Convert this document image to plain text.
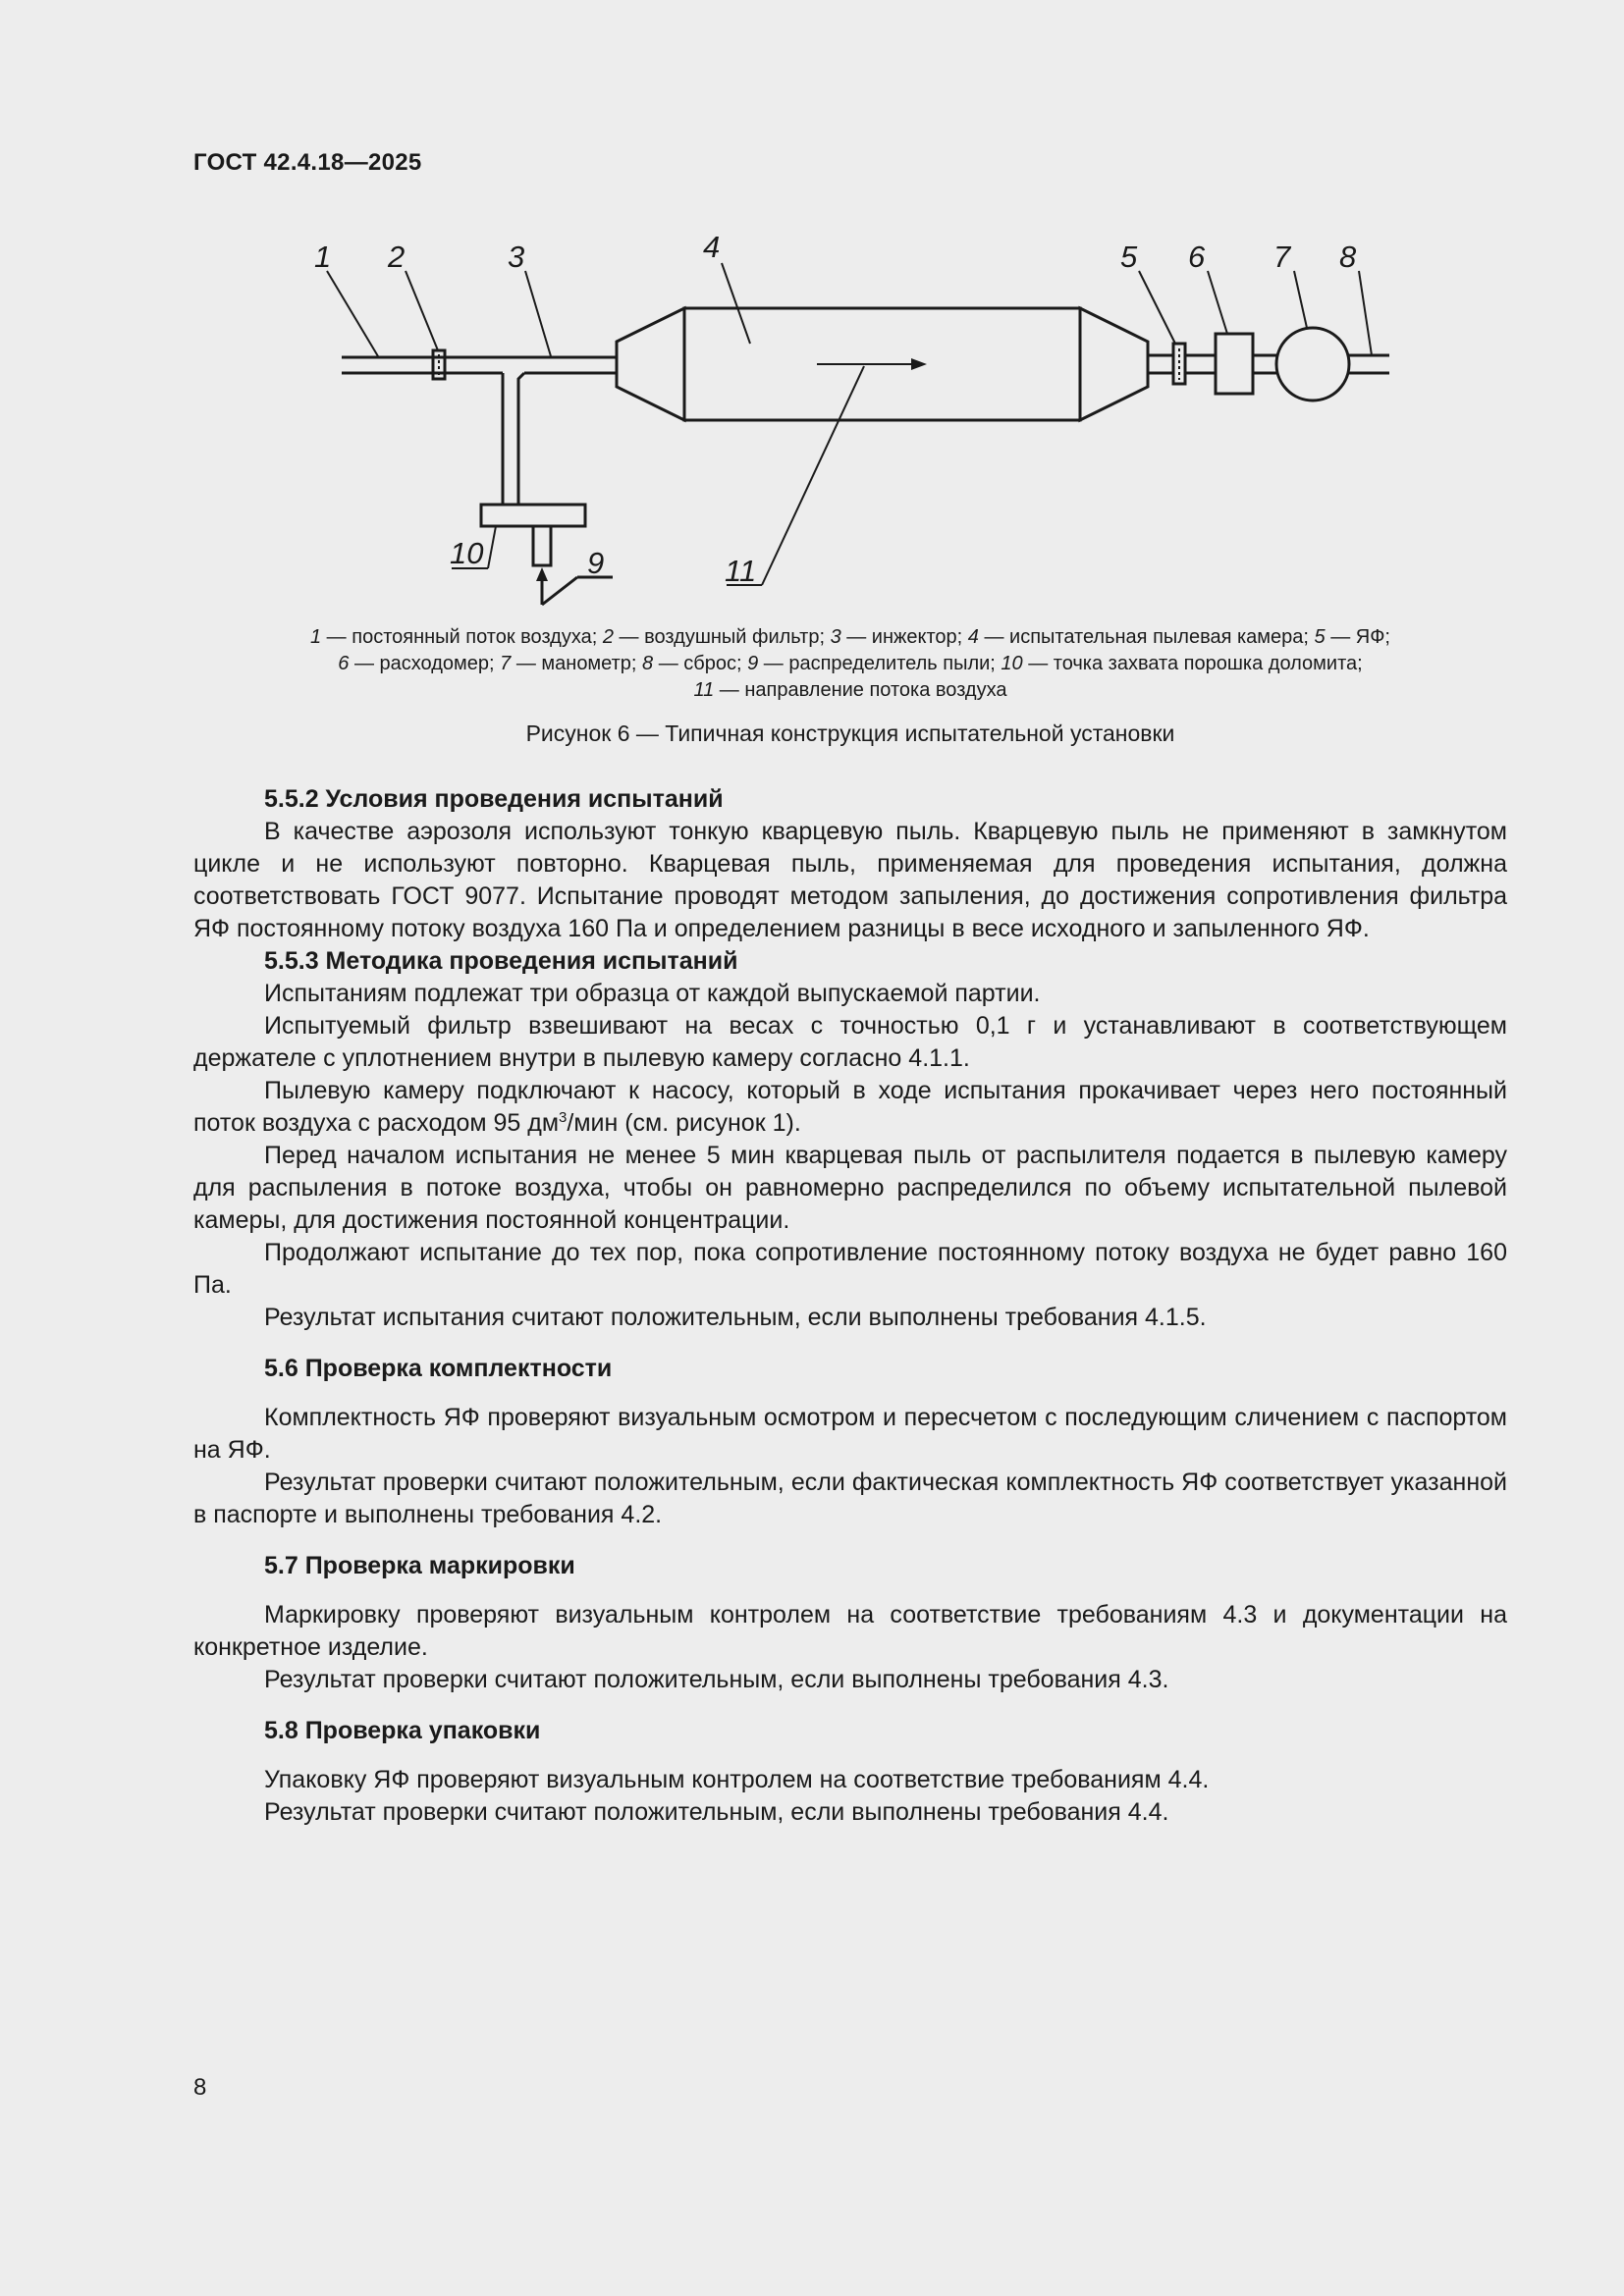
ГОСТ 42.4.18—2025
1 2	3	4	5 6 7 8
9
10
11
1 — постоянный поток воздуха; 2 — воздушный фильтр; 3 — инжектор; 4 — испытательная пылевая камера; 5 — ЯФ;
6 — расходомер; 7 — манометр; 8 — сброс; 9 — распределитель пыли; 10 — точка захвата порошка доломита;
11 — направление потока воздуха
Рисунок 6 — Типичная конструкция испытательной установки
5.5.2 Условия проведения испытаний

В качестве аэрозоля используют тонкую кварцевую пыль. Кварцевую пыль не применяют в замкнутом цикле и не используют повторно. Кварцевая пыль, применяемая для проведения испытания, должна соответствовать ГОСТ 9077. Испытание проводят методом запыления, до достижения сопротивления фильтра ЯФ постоянному потоку воздуха 160 Па и определением разницы в весе исходного и запыленного ЯФ.

5.5.3 Методика проведения испытаний

Испытаниям подлежат три образца от каждой выпускаемой партии.

Испытуемый фильтр взвешивают на весах с точностью 0,1 г и устанавливают в соответствующем держателе с уплотнением внутри в пылевую камеру согласно 4.1.1.

Пылевую камеру подключают к насосу, который в ходе испытания прокачивает через него постоянный поток воздуха с расходом 95 $дм^3$/мин (см. рисунок 1).

Перед началом испытания не менее 5 мин кварцевая пыль от распылителя подается в пылевую камеру для распыления в потоке воздуха, чтобы он равномерно распределился по объему испытательной пылевой камеры, для достижения постоянной концентрации.

Продолжают испытание до тех пор, пока сопротивление постоянному потоку воздуха не будет равно 160 Па.

Результат испытания считают положительным, если выполнены требования 4.1.5.

5.6 Проверка комплектности

Комплектность ЯФ проверяют визуальным осмотром и пересчетом с последующим сличением с паспортом на ЯФ.

Результат проверки считают положительным, если фактическая комплектность ЯФ соответствует указанной в паспорте и выполнены требования 4.2.

5.7 Проверка маркировки

Маркировку проверяют визуальным контролем на соответствие требованиям 4.3 и документации на конкретное изделие.

Результат проверки считают положительным, если выполнены требования 4.3.

5.8 Проверка упаковки

Упаковку ЯФ проверяют визуальным контролем на соответствие требованиям 4.4.

Результат проверки считают положительным, если выполнены требования 4.4.

8
